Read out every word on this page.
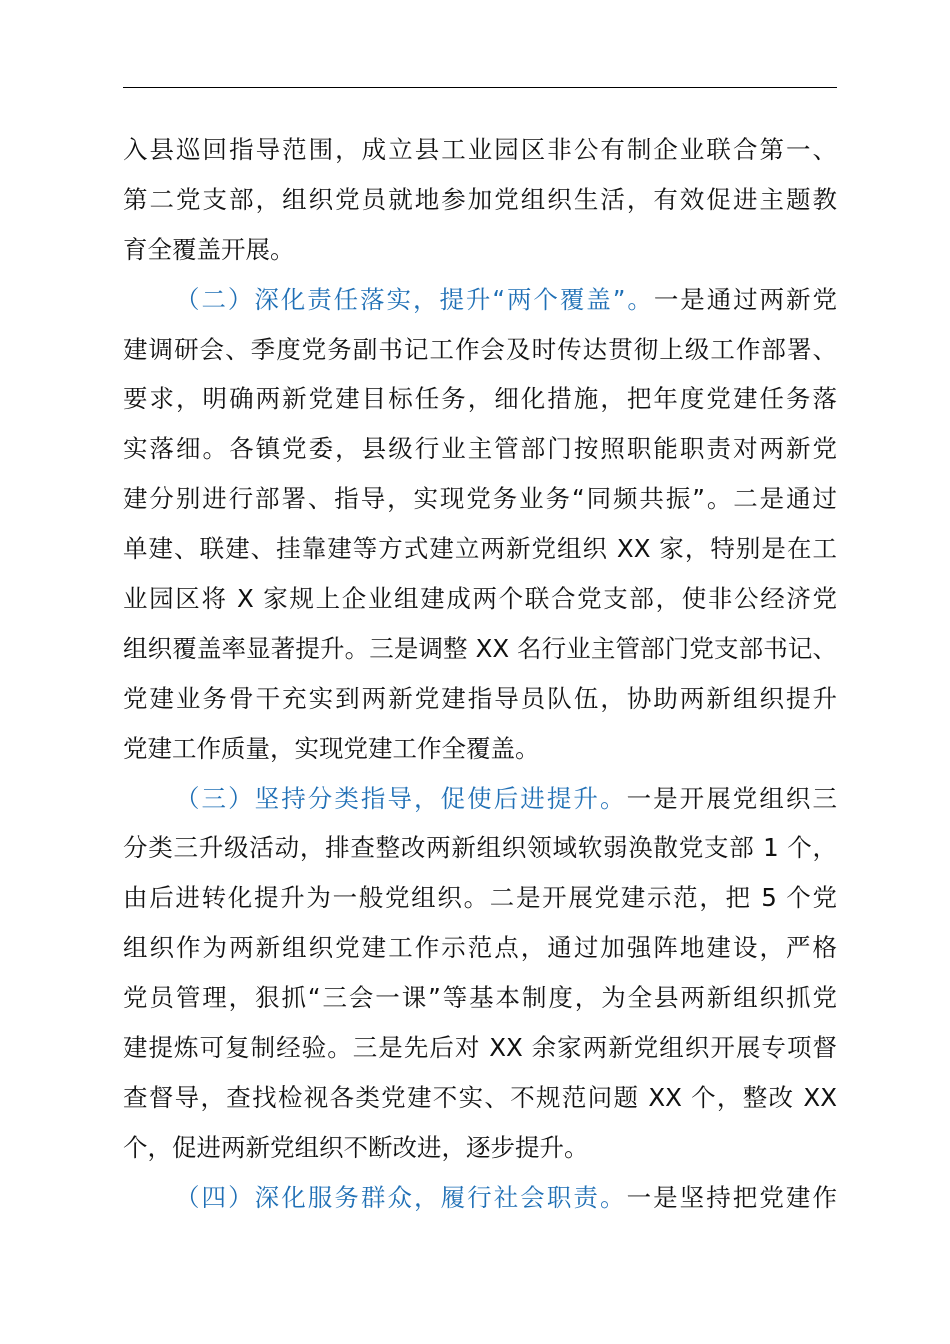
入县巡回指导范围，成立县工业园区非公有制企业联合第一、
第二党支部，组织党员就地参加党组织生活，有效促进主题教
育全覆盖开展。
（二）深化责任落实，提升“两个覆盖”。一是通过两新党
建调研会、季度党务副书记工作会及时传达贯彻上级工作部署、
要求，明确两新党建目标任务，细化措施，把年度党建任务落
实落细。各镇党委，县级行业主管部门按照职能职责对两新党
建分别进行部署、指导，实现党务业务“同频共振”。二是通过
单建、联建、挂靠建等方式建立两新党组织 XX 家，特别是在工
业园区将 X 家规上企业组建成两个联合党支部，使非公经济党
组织覆盖率显著提升。三是调整 XX 名行业主管部门党支部书记、
党建业务骨干充实到两新党建指导员队伍，协助两新组织提升
党建工作质量，实现党建工作全覆盖。
（三）坚持分类指导，促使后进提升。一是开展党组织三
分类三升级活动，排查整改两新组织领域软弱涣散党支部 1 个，
由后进转化提升为一般党组织。二是开展党建示范，把 5 个党
组织作为两新组织党建工作示范点，通过加强阵地建设，严格
党员管理，狠抓“三会一课”等基本制度，为全县两新组织抓党
建提炼可复制经验。三是先后对 XX 余家两新党组织开展专项督
查督导，查找检视各类党建不实、不规范问题 XX 个，整改 XX
个，促进两新党组织不断改进，逐步提升。
（四）深化服务群众，履行社会职责。一是坚持把党建作
